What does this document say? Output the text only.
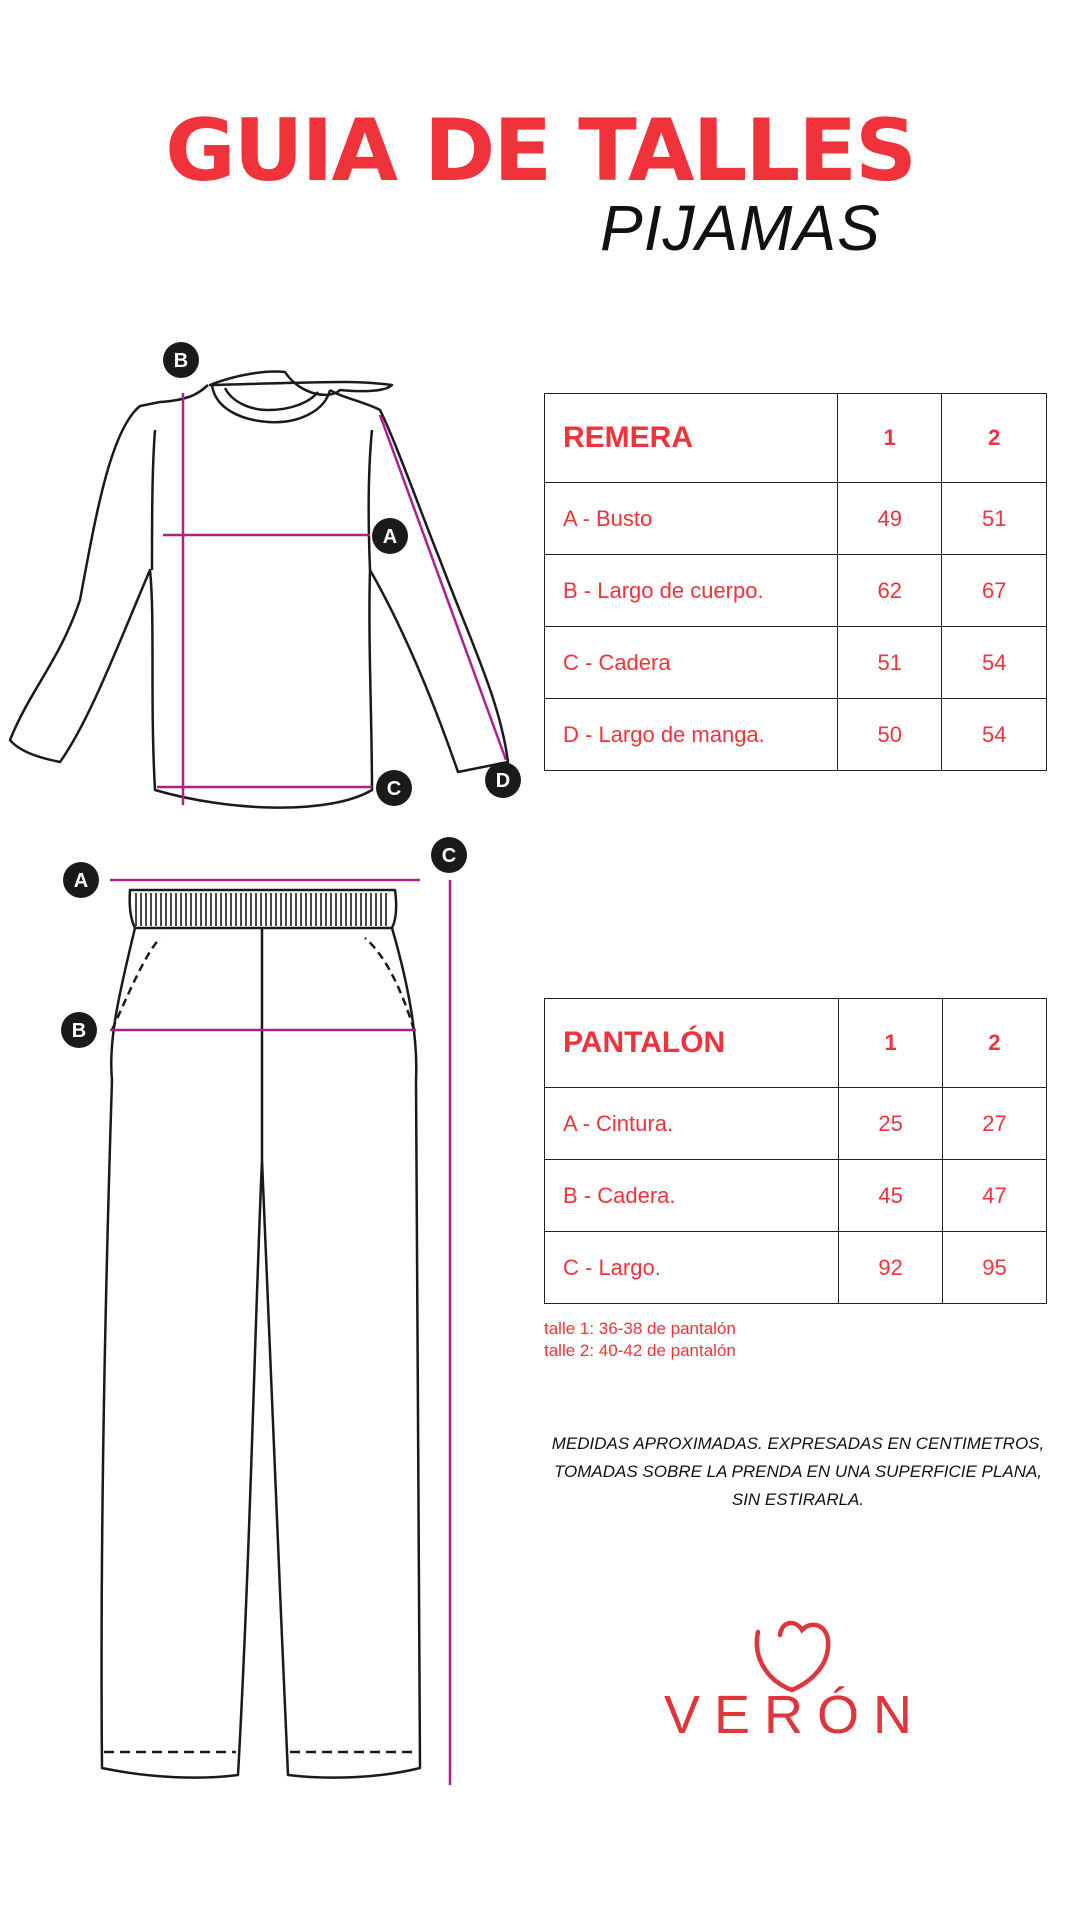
GUIA DE TALLES
PIJAMAS
B
A
C	D
A
B
C
REMERA	1	2
A - Busto	49	51
B - Largo de cuerpo.	62	67
C - Cadera	51	54
D - Largo de manga.	50	54
PANTALÓN	1	2
A - Cintura.	25	27
B - Cadera.	45	47
C - Largo.	92	95
talle 1: 36-38 de pantalón
talle 2: 40-42 de pantalón
MEDIDAS APROXIMADAS. EXPRESADAS EN CENTIMETROS,
TOMADAS SOBRE LA PRENDA EN UNA SUPERFICIE PLANA,
SIN ESTIRARLA.
VERÓN
